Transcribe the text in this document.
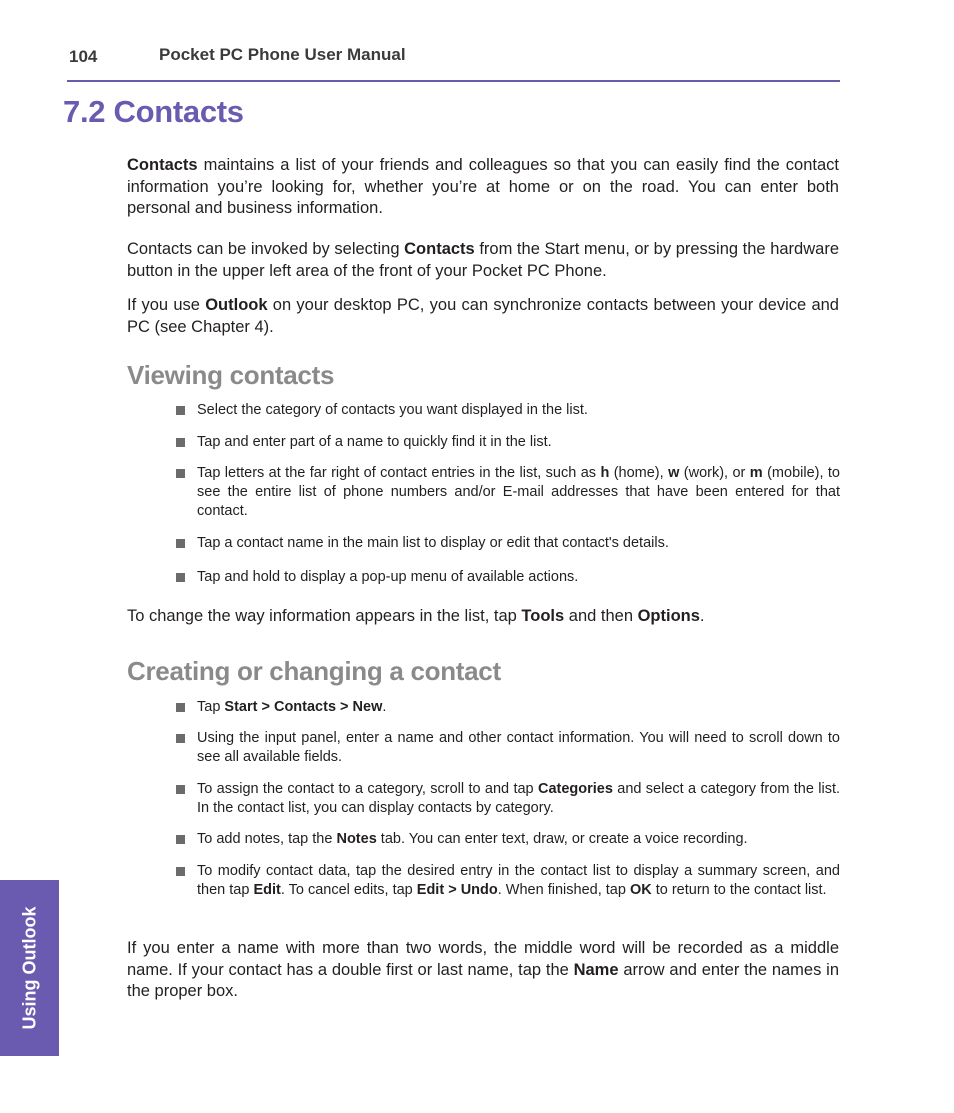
104	Pocket PC Phone User Manual
7.2 Contacts

Contacts maintains a list of your friends and colleagues so that you can easily find the contact information you’re looking for, whether you’re at home or on the road. You can enter both personal and business information.

Contacts can be invoked by selecting Contacts from the Start menu, or by pressing the hardware button in the upper left area of the front of your Pocket PC Phone.

If you use Outlook on your desktop PC, you can synchronize contacts between your device and PC (see Chapter 4).

Viewing contacts
Select the category of contacts you want displayed in the list.
Tap and enter part of a name to quickly find it in the list.
Tap letters at the far right of contact entries in the list, such as h (home), w (work), or m (mobile), to see the entire list of phone numbers and/or E-mail addresses that have been entered for that contact.
Tap a contact name in the main list to display or edit that contact's details.
Tap and hold to display a pop-up menu of available actions.

To change the way information appears in the list, tap Tools and then Options.

Creating or changing a contact
Tap Start > Contacts > New.
Using the input panel, enter a name and other contact information. You will need to scroll down to see all available fields.
To assign the contact to a category, scroll to and tap Categories and select a category from the list. In the contact list, you can display contacts by category.
To add notes, tap the Notes tab. You can enter text, draw, or create a voice recording.
To modify contact data, tap the desired entry in the contact list to display a summary screen, and then tap Edit. To cancel edits, tap Edit > Undo. When finished, tap OK to return to the contact list.

If you enter a name with more than two words, the middle word will be recorded as a middle name. If your contact has a double first or last name, tap the Name arrow and enter the names in the proper box.

Using Outlook
